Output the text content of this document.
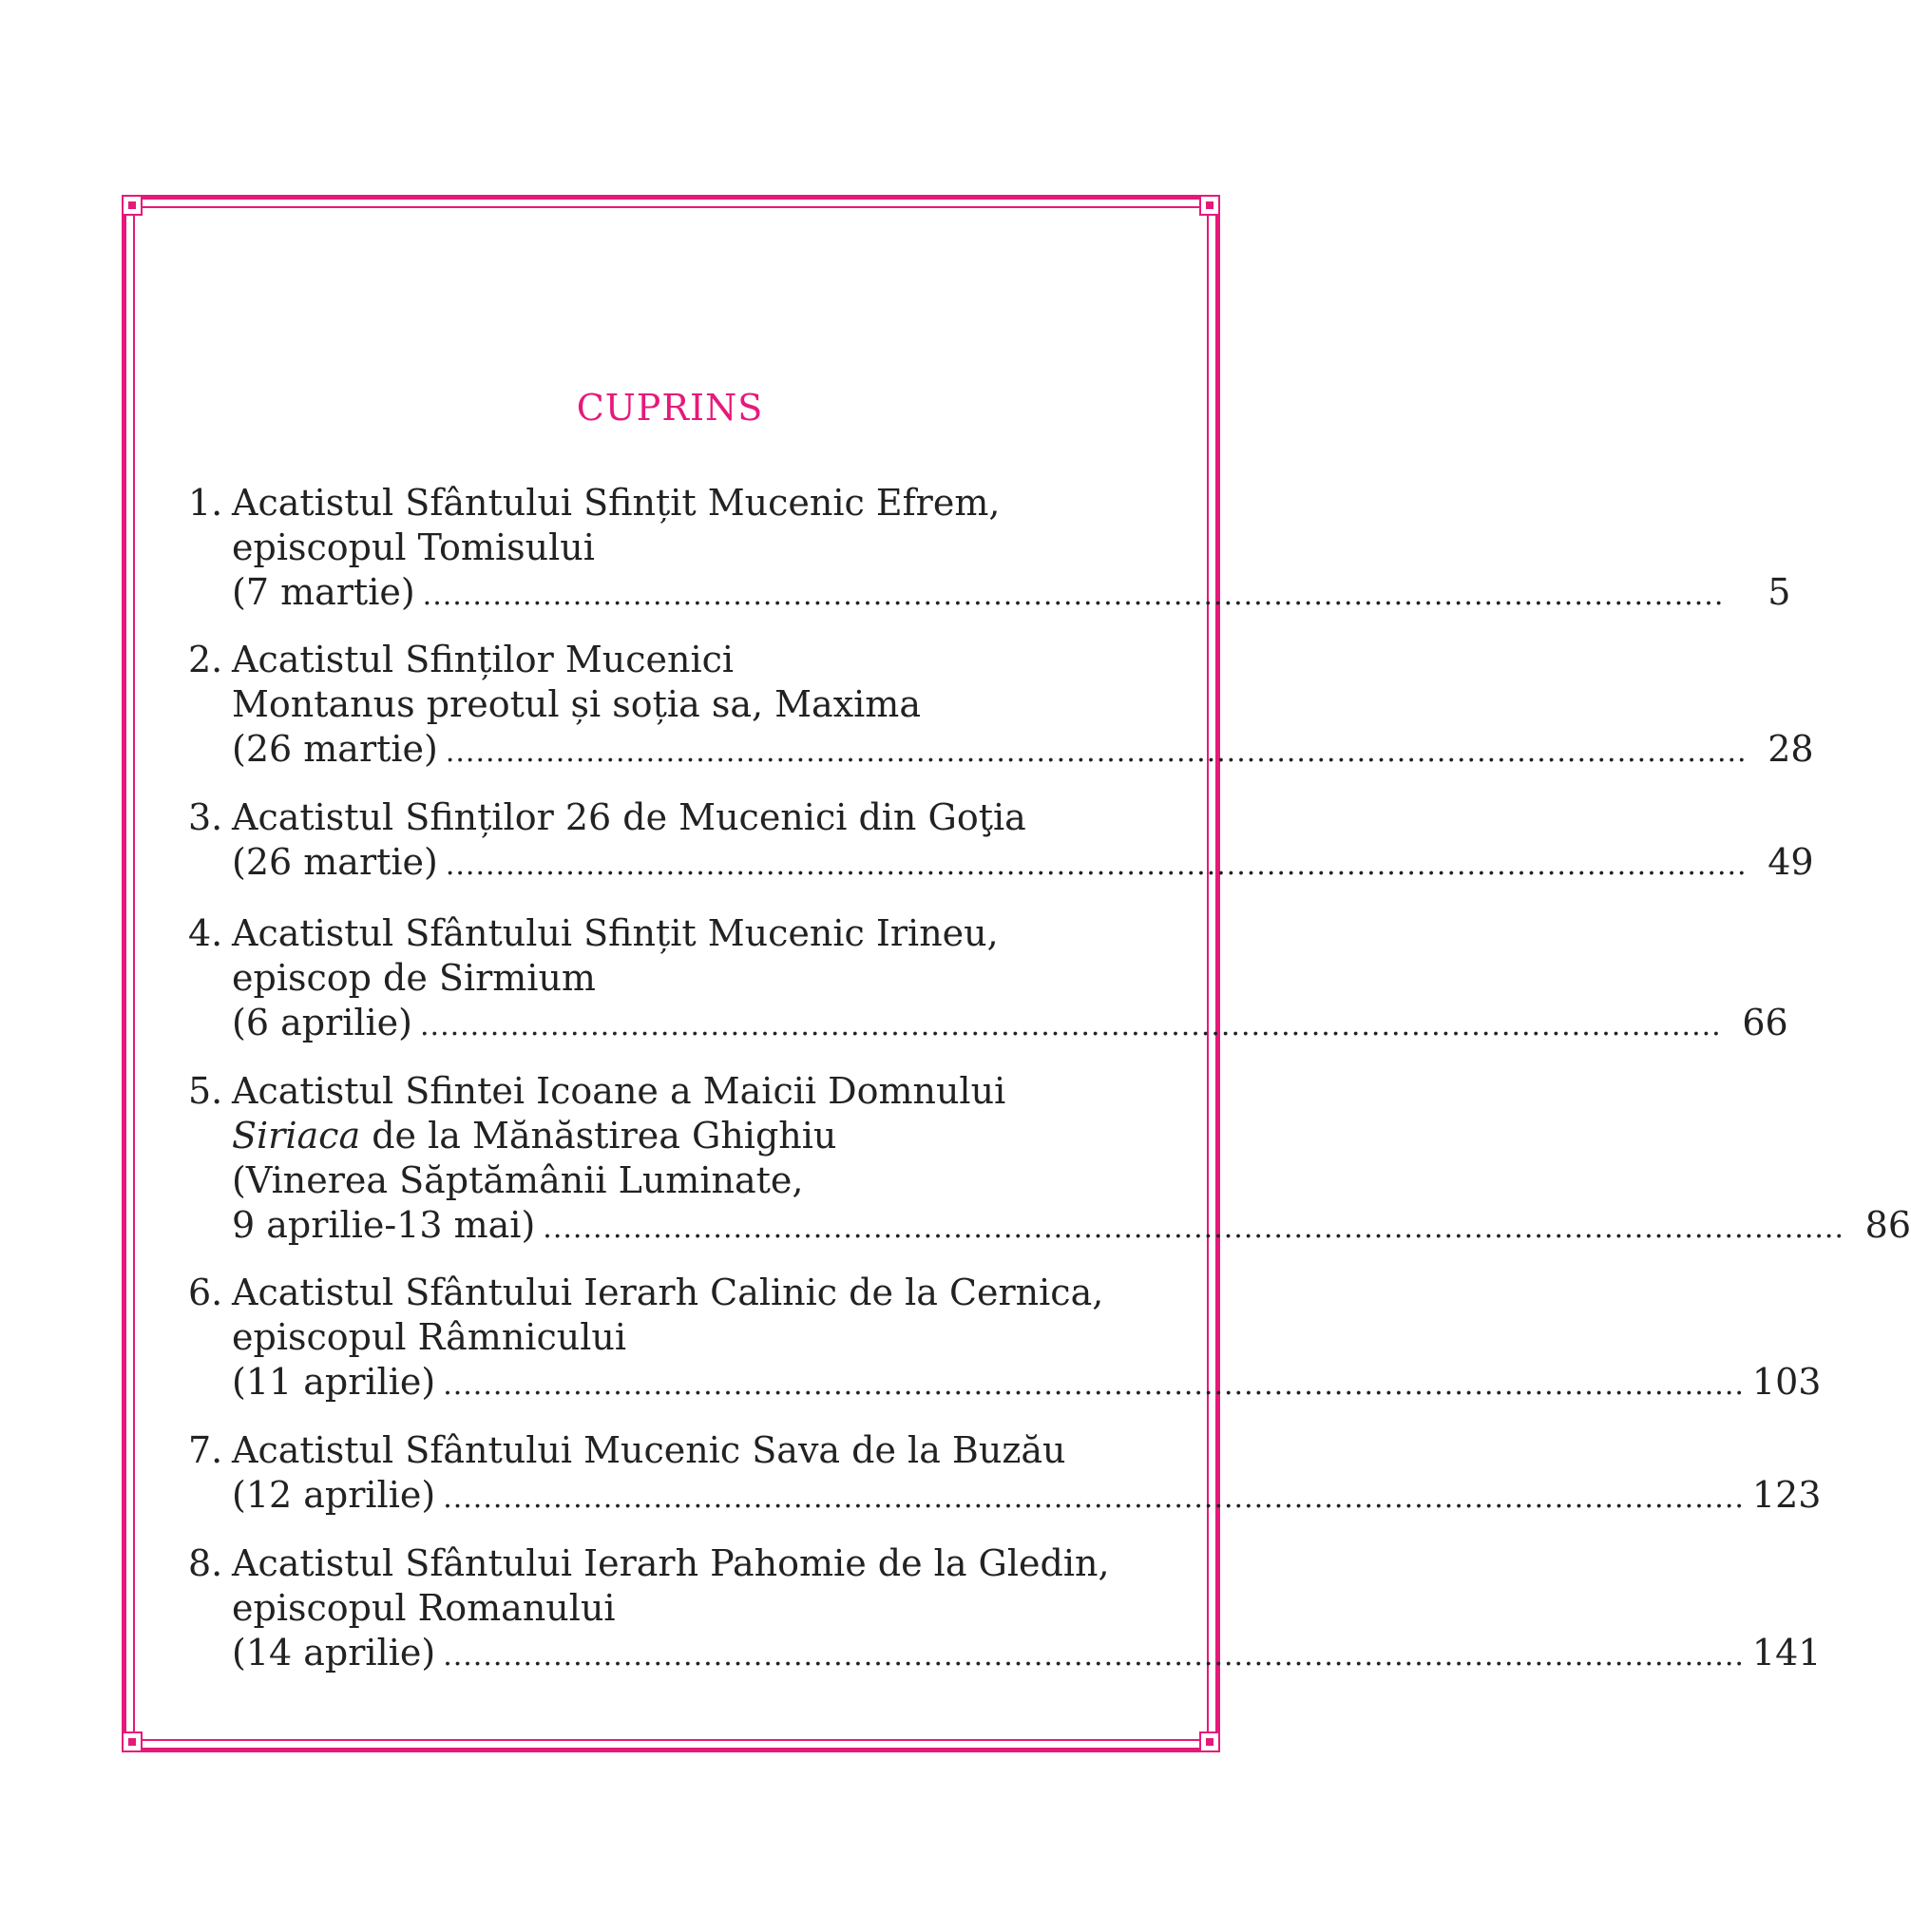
CUPRINS
1. Acatistul Sfântului Sfințit Mucenic Efrem,
episcopul Tomisului
(7 martie) ..................................................................................................................................	5
2. Acatistul Sfinților Mucenici
Montanus preotul și soția sa, Maxima
(26 martie) .................................................................................................................................. 28
3. Acatistul Sfinților 26 de Mucenici din Goţia
(26 martie) .................................................................................................................................. 49
4. Acatistul Sfântului Sfințit Mucenic Irineu,
episcop de Sirmium
(6 aprilie) .................................................................................................................................. 66
5. Acatistul Sfintei Icoane a Maicii Domnului
Siriaca de la Mănăstirea Ghighiu
(Vinerea Săptămânii Luminate,
9 aprilie-13 mai) .................................................................................................................................. 86
6. Acatistul Sfântului Ierarh Calinic de la Cernica,
episcopul Râmnicului
(11 aprilie) .................................................................................................................................. 103
7. Acatistul Sfântului Mucenic Sava de la Buzău
(12 aprilie) .................................................................................................................................. 123
8. Acatistul Sfântului Ierarh Pahomie de la Gledin,
episcopul Romanului
(14 aprilie) .................................................................................................................................. 141
